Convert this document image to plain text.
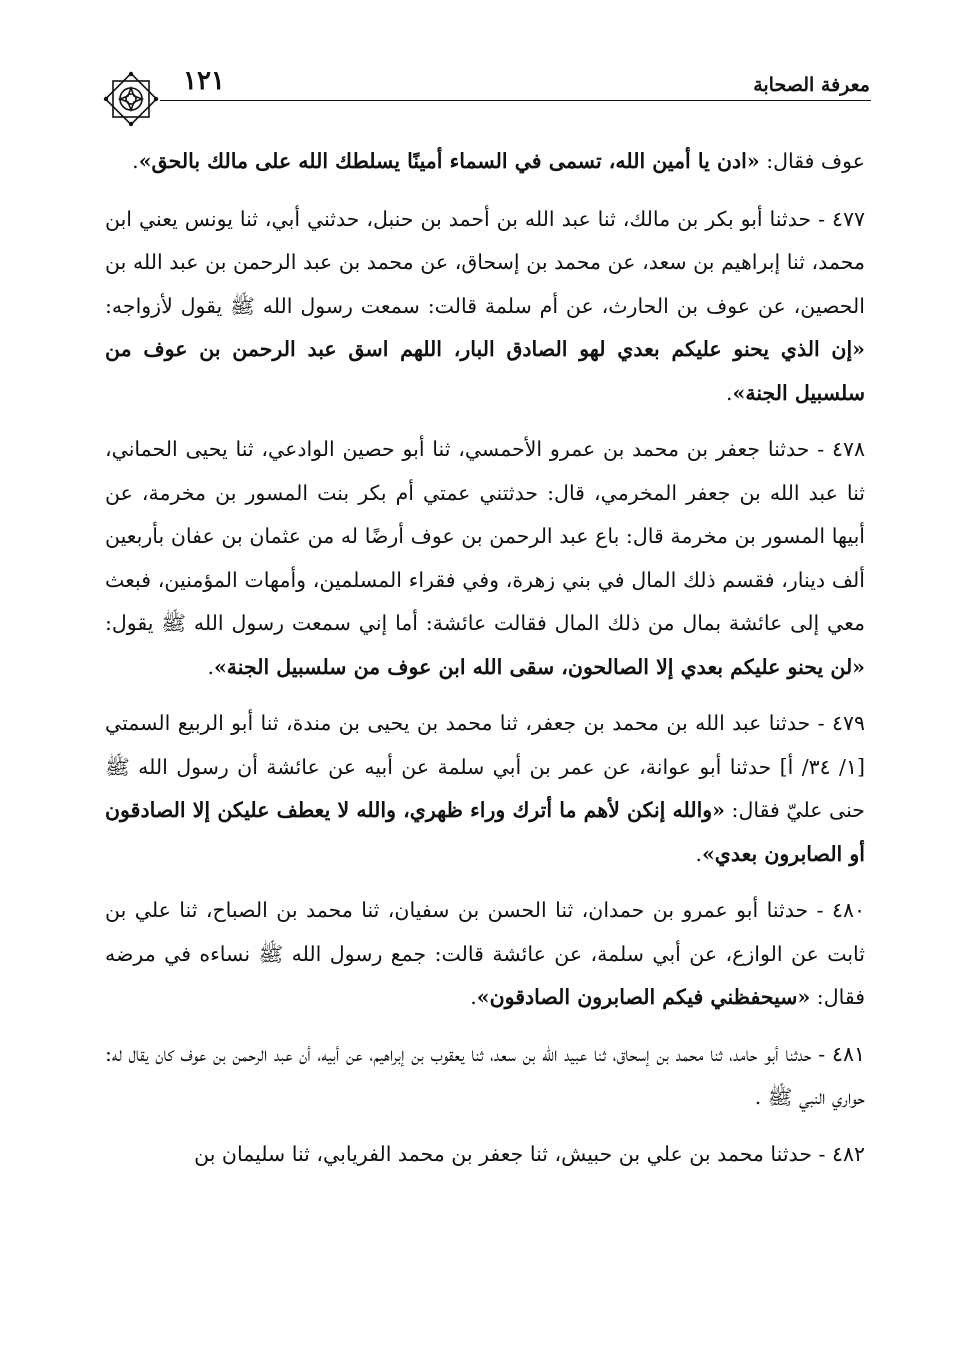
معرفة الصحابة
١٢١

عوف فقال: «ادن يا أمين الله، تسمى في السماء أمينًا يسلطك الله على مالك بالحق».

٤٧٧ - حدثنا أبو بكر بن مالك، ثنا عبد الله بن أحمد بن حنبل، حدثني أبي، ثنا يونس يعني ابن محمد، ثنا إبراهيم بن سعد، عن محمد بن إسحاق، عن محمد بن عبد الرحمن بن عبد الله بن الحصين، عن عوف بن الحارث، عن أم سلمة قالت: سمعت رسول الله ﷺ يقول لأزواجه: «إن الذي يحنو عليكم بعدي لهو الصادق البار، اللهم اسق عبد الرحمن بن عوف من سلسبيل الجنة».

٤٧٨ - حدثنا جعفر بن محمد بن عمرو الأحمسي، ثنا أبو حصين الوادعي، ثنا يحيى الحماني، ثنا عبد الله بن جعفر المخرمي، قال: حدثتني عمتي أم بكر بنت المسور بن مخرمة، عن أبيها المسور بن مخرمة قال: باع عبد الرحمن بن عوف أرضًا له من عثمان بن عفان بأربعين ألف دينار، فقسم ذلك المال في بني زهرة، وفي فقراء المسلمين، وأمهات المؤمنين، فبعث معي إلى عائشة بمال من ذلك المال فقالت عائشة: أما إني سمعت رسول الله ﷺ يقول: «لن يحنو عليكم بعدي إلا الصالحون، سقى الله ابن عوف من سلسبيل الجنة».

٤٧٩ - حدثنا عبد الله بن محمد بن جعفر، ثنا محمد بن يحيى بن مندة، ثنا أبو الربيع السمتي [١/ ٣٤/ أ] حدثنا أبو عوانة، عن عمر بن أبي سلمة عن أبيه عن عائشة أن رسول الله ﷺ حنى عليّ فقال: «والله إنكن لأهم ما أترك وراء ظهري، والله لا يعطف عليكن إلا الصادقون أو الصابرون بعدي».

٤٨٠ - حدثنا أبو عمرو بن حمدان، ثنا الحسن بن سفيان، ثنا محمد بن الصباح، ثنا علي بن ثابت عن الوازع، عن أبي سلمة، عن عائشة قالت: جمع رسول الله ﷺ نساءه في مرضه فقال: «سيحفظني فيكم الصابرون الصادقون».

٤٨١ - حدثنا أبو حامد، ثنا محمد بن إسحاق، ثنا عبيد الله بن سعد، ثنا يعقوب بن إبراهيم، عن أبيه، أن عبد الرحمن بن عوف كان يقال له: حواري النبي ﷺ .

٤٨٢ - حدثنا محمد بن علي بن حبيش، ثنا جعفر بن محمد الفريابي، ثنا سليمان بن
